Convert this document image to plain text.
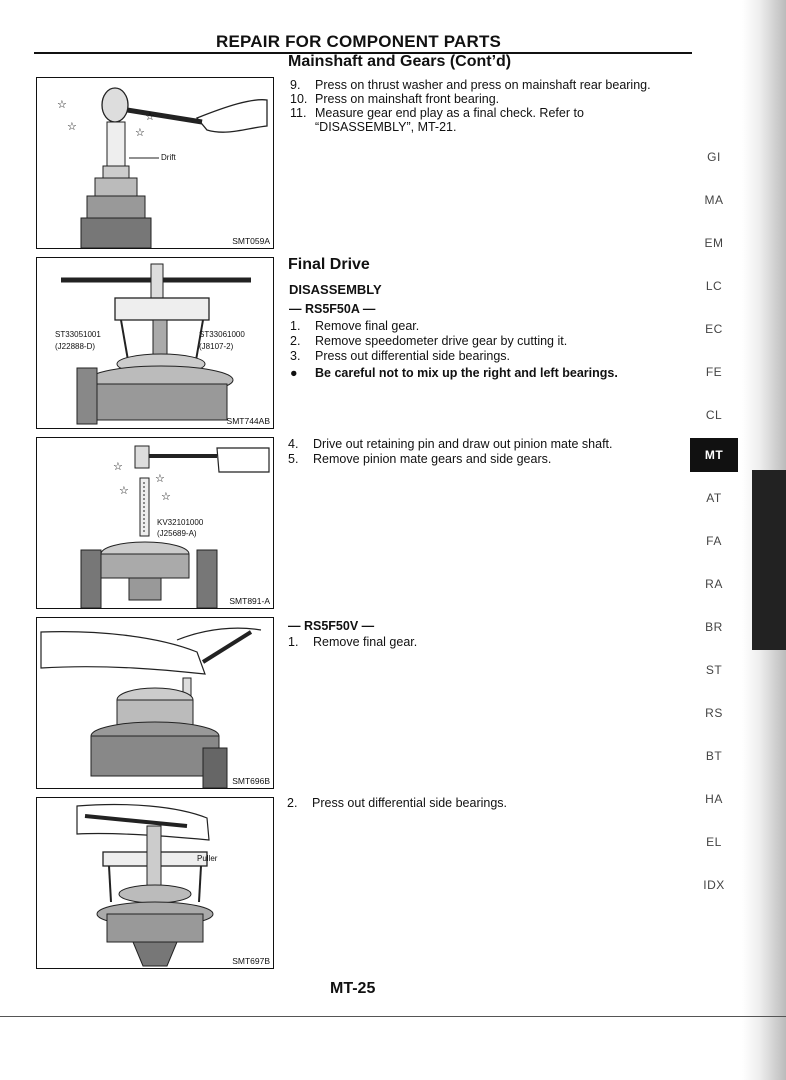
REPAIR FOR COMPONENT PARTS
Mainshaft and Gears (Cont’d)
9. Press on thrust washer and press on mainshaft rear bearing.
10. Press on mainshaft front bearing.
11. Measure gear end play as a final check. Refer to
“DISASSEMBLY”, MT-21.
Final Drive
DISASSEMBLY
— RS5F50A —
1. Remove final gear.
2. Remove speedometer drive gear by cutting it.
3. Press out differential side bearings.
● Be careful not to mix up the right and left bearings.
4. Drive out retaining pin and draw out pinion mate shaft.
5. Remove pinion mate gears and side gears.
— RS5F50V —
1. Remove final gear.
2. Press out differential side bearings.
☆
☆
☆
☆
Drift
SMT059A
ST33051001
(J22888-D)
ST33061000
(J8107-2)
SMT744AB
☆
☆
☆
☆
KV32101000
(J25689-A)
SMT891-A
SMT696B
Puller
SMT697B
GI
MA
EM
LC
EC
FE
CL
MT
AT
FA
RA
BR
ST
RS
BT
HA
EL
IDX
MT-25
